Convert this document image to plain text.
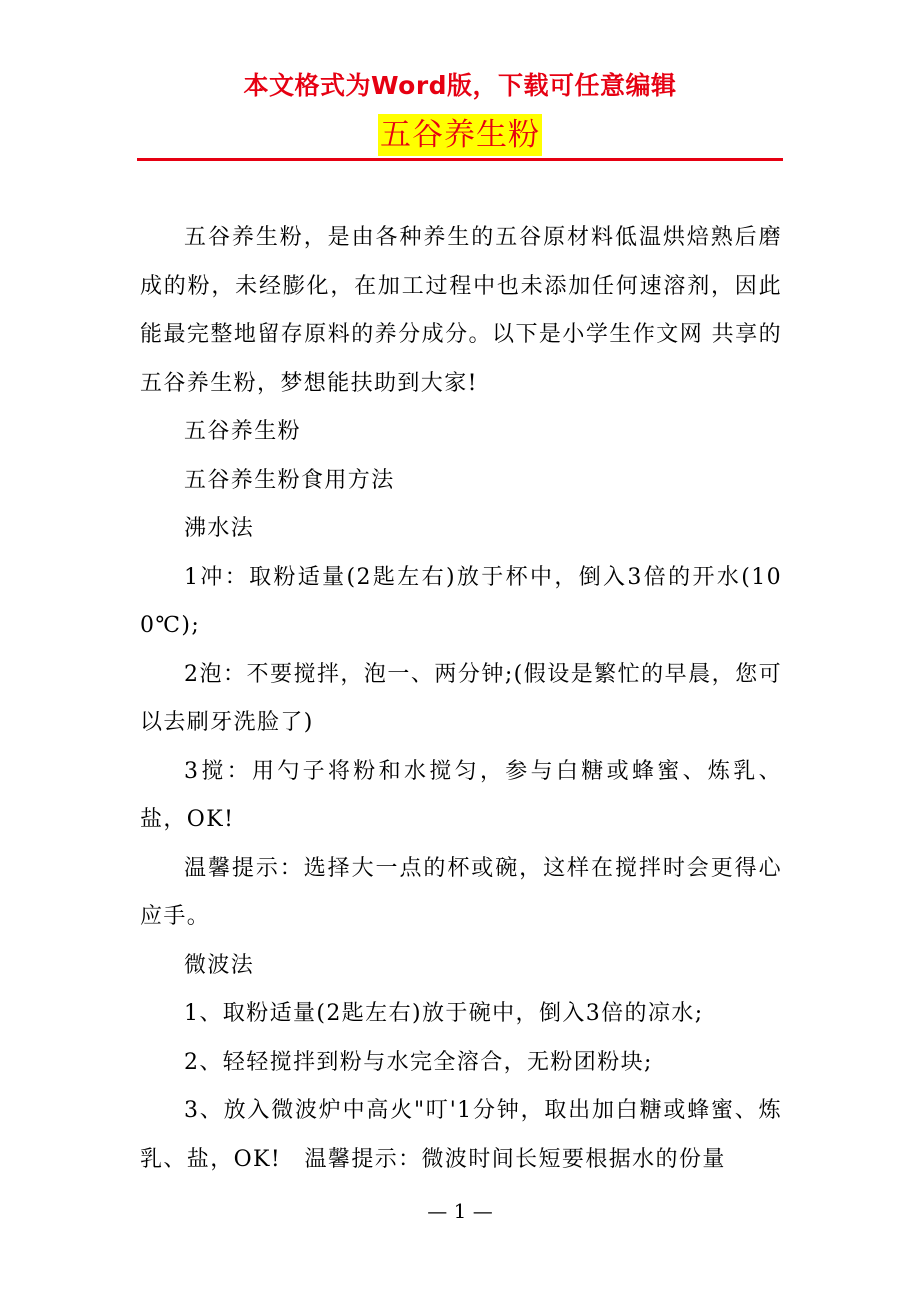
本文格式为Word版，下载可任意编辑
五谷养生粉

五谷养生粉，是由各种养生的五谷原材料低温烘焙熟后磨成的粉，未经膨化，在加工过程中也未添加任何速溶剂，因此能最完整地留存原料的养分成分。以下是小学生作文网 共享的五谷养生粉，梦想能扶助到大家!

五谷养生粉

五谷养生粉食用方法

沸水法

1冲：取粉适量(2匙左右)放于杯中，倒入3倍的开水(100℃);

2泡：不要搅拌，泡一、两分钟;(假设是繁忙的早晨，您可以去刷牙洗脸了)

3搅：用勺子将粉和水搅匀，参与白糖或蜂蜜、炼乳、盐，OK!

温馨提示：选择大一点的杯或碗，这样在搅拌时会更得心应手。

微波法

1、取粉适量(2匙左右)放于碗中，倒入3倍的凉水;

2、轻轻搅拌到粉与水完全溶合，无粉团粉块;

3、放入微波炉中高火"叮'1分钟，取出加白糖或蜂蜜、炼乳、盐，OK!　温馨提示：微波时间长短要根据水的份量

— 1 —
